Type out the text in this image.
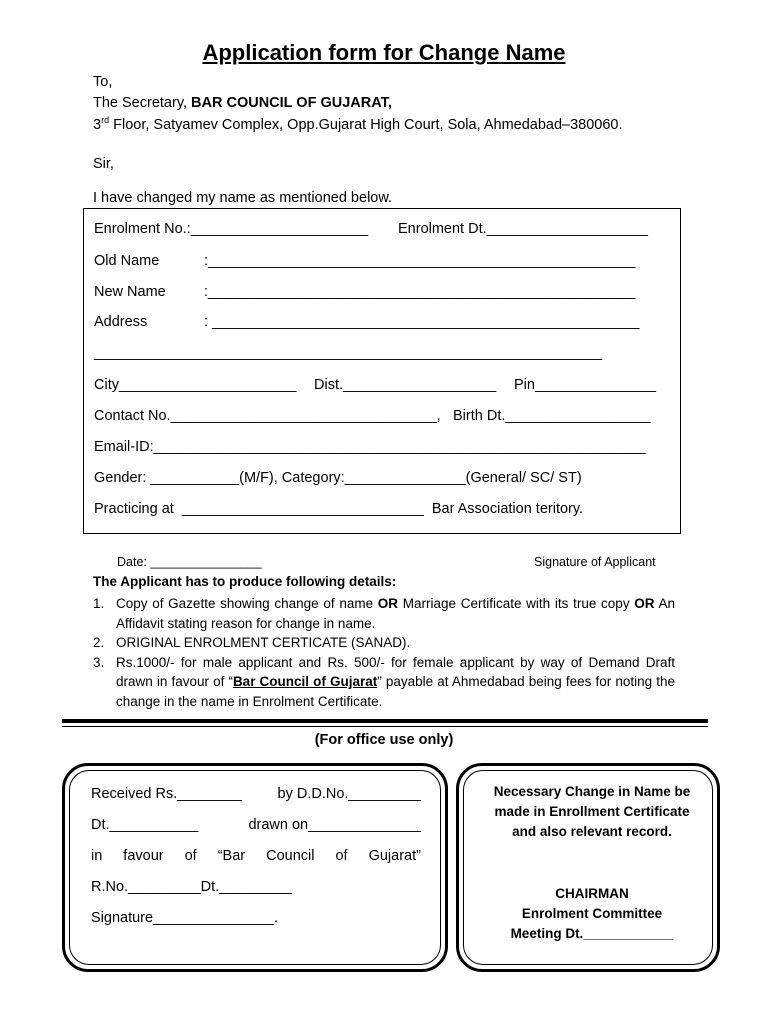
Application form for Change Name
To,
The Secretary, BAR COUNCIL OF GUJARAT,
3rd Floor, Satyamev Complex, Opp.Gujarat High Court, Sola, Ahmedabad–380060.
Sir,
I have changed my name as mentioned below.
Enrolment No.:______________________ Enrolment Dt.____________________
Old Name	:_____________________________________________________
New Name	:_____________________________________________________
Address	: _____________________________________________________
_______________________________________________________________
City______________________ Dist.___________________ Pin_______________
Contact No._________________________________, Birth Dt.__________________
Email-ID:_____________________________________________________________
Gender: ___________(M/F), Category:_______________(General/ SC/ ST)
Practicing at  ______________________________  Bar Association teritory.
Date: ________________	Signature of Applicant
The Applicant has to produce following details:
1. Copy of Gazette showing change of name OR Marriage Certificate with its true copy OR An Affidavit stating reason for change in name.
2. ORIGINAL ENROLMENT CERTICATE (SANAD).
3. Rs.1000/- for male applicant and Rs. 500/- for female applicant by way of Demand Draft drawn in favour of “Bar Council of Gujarat” payable at Ahmedabad being fees for noting the change in the name in Enrolment Certificate.
(For office use only)
Received Rs.________ by D.D.No._________
Dt.___________	drawn on______________
in favour of “Bar Council of Gujarat”
R.No._________Dt._________
Signature_______________.
Necessary Change in Name be
made in Enrollment Certificate
and also relevant record.
CHAIRMAN
Enrolment Committee
Meeting Dt.____________
